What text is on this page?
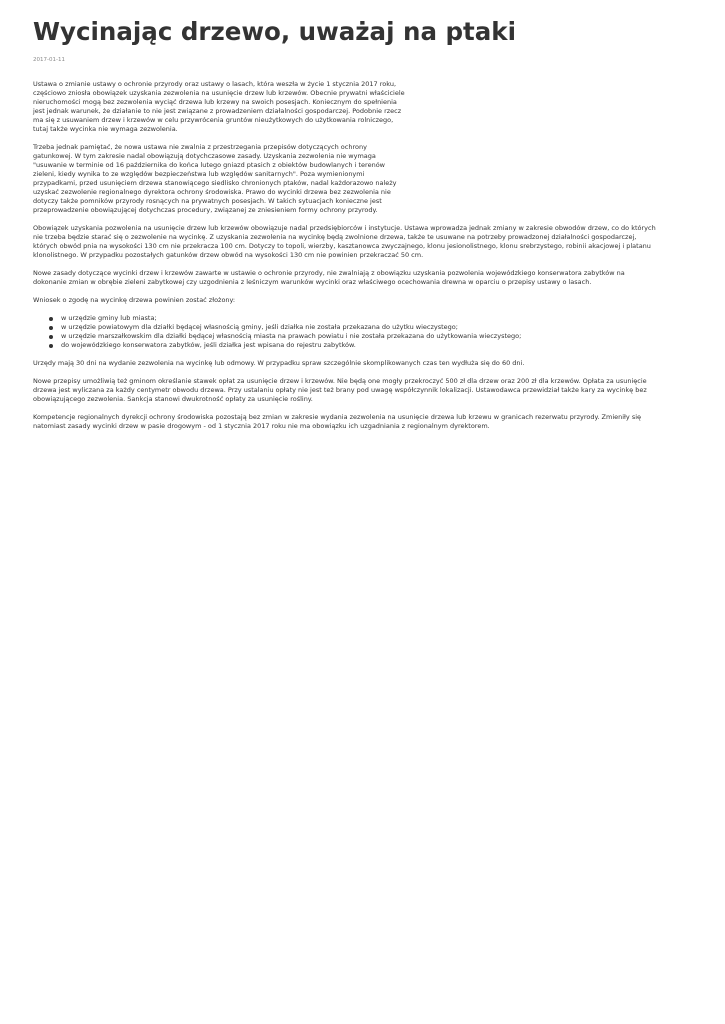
Wycinając drzewo, uważaj na ptaki
2017-01-11

Ustawa o zmianie ustawy o ochronie przyrody oraz ustawy o lasach, która weszła w życie 1 stycznia 2017 roku, częściowo zniosła obowiązek uzyskania zezwolenia na usunięcie drzew lub krzewów. Obecnie prywatni właściciele nieruchomości mogą bez zezwolenia wyciąć drzewa lub krzewy na swoich posesjach. Koniecznym do spełnienia jest jednak warunek, że działanie to nie jest związane z prowadzeniem działalności gospodarczej. Podobnie rzecz ma się z usuwaniem drzew i krzewów w celu przywrócenia gruntów nieużytkowych do użytkowania rolniczego, tutaj także wycinka nie wymaga zezwolenia.

Trzeba jednak pamiętać, że nowa ustawa nie zwalnia z przestrzegania przepisów dotyczących ochrony gatunkowej. W tym zakresie nadal obowiązują dotychczasowe zasady. Uzyskania zezwolenia nie wymaga "usuwanie w terminie od 16 października do końca lutego gniazd ptasich z obiektów budowlanych i terenów zieleni, kiedy wynika to ze względów bezpieczeństwa lub względów sanitarnych". Poza wymienionymi przypadkami, przed usunięciem drzewa stanowiącego siedlisko chronionych ptaków, nadal każdorazowo należy uzyskać zezwolenie regionalnego dyrektora ochrony środowiska. Prawo do wycinki drzewa bez zezwolenia nie dotyczy także pomników przyrody rosnących na prywatnych posesjach. W takich sytuacjach konieczne jest przeprowadzenie obowiązującej dotychczas procedury, związanej ze zniesieniem formy ochrony przyrody.

Obowiązek uzyskania pozwolenia na usunięcie drzew lub krzewów obowiązuje nadal przedsiębiorców i instytucje. Ustawa wprowadza jednak zmiany w zakresie obwodów drzew, co do których nie trzeba będzie starać się o zezwolenie na wycinkę. Z uzyskania zezwolenia na wycinkę będą zwolnione drzewa, także te usuwane na potrzeby prowadzonej działalności gospodarczej, których obwód pnia na wysokości 130 cm nie przekracza 100 cm. Dotyczy to topoli, wierzby, kasztanowca zwyczajnego, klonu jesionolistnego, klonu srebrzystego, robinii akacjowej i platanu klonolistnego. W przypadku pozostałych gatunków drzew obwód na wysokości 130 cm nie powinien przekraczać 50 cm.

Nowe zasady dotyczące wycinki drzew i krzewów zawarte w ustawie o ochronie przyrody, nie zwalniają z obowiązku uzyskania pozwolenia wojewódzkiego konserwatora zabytków na dokonanie zmian w obrębie zieleni zabytkowej czy uzgodnienia z leśniczym warunków wycinki oraz właściwego ocechowania drewna w oparciu o przepisy ustawy o lasach.

Wniosek o zgodę na wycinkę drzewa powinien zostać złożony:

w urzędzie gminy lub miasta;
w urzędzie powiatowym dla działki będącej własnością gminy, jeśli działka nie została przekazana do użytku wieczystego;
w urzędzie marszałkowskim dla działki będącej własnością miasta na prawach powiatu i nie została przekazana do użytkowania wieczystego;
do wojewódzkiego konserwatora zabytków, jeśli działka jest wpisana do rejestru zabytków.

Urzędy mają 30 dni na wydanie zezwolenia na wycinkę lub odmowy. W przypadku spraw szczególnie skomplikowanych czas ten wydłuża się do 60 dni.

Nowe przepisy umożliwią też gminom określanie stawek opłat za usunięcie drzew i krzewów. Nie będą one mogły przekroczyć 500 zł dla drzew oraz 200 zł dla krzewów. Opłata za usunięcie drzewa jest wyliczana za każdy centymetr obwodu drzewa. Przy ustalaniu opłaty nie jest też brany pod uwagę współczynnik lokalizacji. Ustawodawca przewidział także kary za wycinkę bez obowiązującego zezwolenia. Sankcja stanowi dwukrotność opłaty za usunięcie rośliny.

Kompetencje regionalnych dyrekcji ochrony środowiska pozostają bez zmian w zakresie wydania zezwolenia na usunięcie drzewa lub krzewu w granicach rezerwatu przyrody. Zmieniły się natomiast zasady wycinki drzew w pasie drogowym - od 1 stycznia 2017 roku nie ma obowiązku ich uzgadniania z regionalnym dyrektorem.
